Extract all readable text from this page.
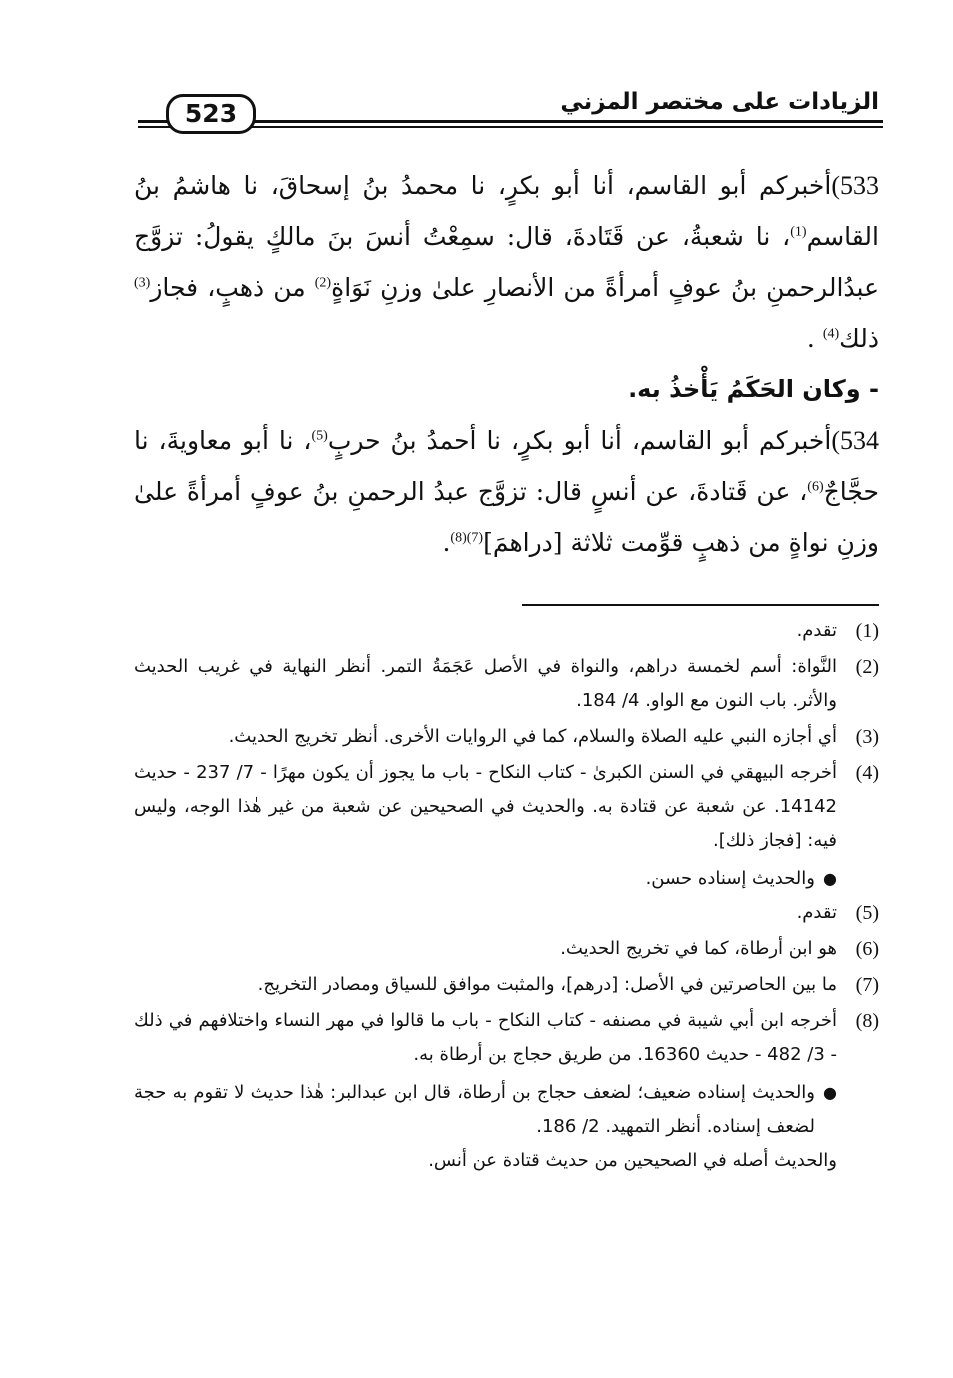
الزيادات على مختصر المزني
523

533)أخبركم أبو القاسم، أنا أبو بكرٍ، نا محمدُ بنُ إسحاقَ، نا هاشمُ بنُ القاسم$^{(1)}$، نا شعبةُ، عن قَتَادةَ، قال: سمِعْتُ أنسَ بنَ مالكٍ يقولُ: تزوَّج عبدُالرحمنِ بنُ عوفٍ أمرأةً من الأنصارِ علىٰ وزنِ نَوَاةٍ$^{(2)}$ من ذهبٍ، فجاز$^{(3)}$ ذلك$^{(4)}$ .

- وكان الحَكَمُ يَأْخذُ به.

534)أخبركم أبو القاسم، أنا أبو بكرٍ، نا أحمدُ بنُ حربٍ$^{(5)}$، نا أبو معاويةَ، نا حجَّاجٌ$^{(6)}$، عن قَتادةَ، عن أنسٍ قال: تزوَّج عبدُ الرحمنِ بنُ عوفٍ أمرأةً علىٰ وزنِ نواةٍ من ذهبٍ قوِّمت ثلاثة [دراهمَ]$^{(7)(8)}$.

(1)
تقدم.
(2)
النَّواة: أسم لخمسة دراهم، والنواة في الأصل عَجَمَةُ التمر. أنظر النهاية في غريب الحديث والأثر. باب النون مع الواو. 4/ 184.
(3)
أي أجازه النبي عليه الصلاة والسلام، كما في الروايات الأخرى. أنظر تخريج الحديث.
(4)
أخرجه البيهقي في السنن الكبرىٰ - كتاب النكاح - باب ما يجوز أن يكون مهرًا - 7/ 237 - حديث 14142. عن شعبة عن قتادة به. والحديث في الصحيحين عن شعبة من غير هٰذا الوجه، وليس فيه: [فجاز ذلك].
●
والحديث إسناده حسن.
(5)
تقدم.
(6)
هو ابن أرطاة، كما في تخريج الحديث.
(7)
ما بين الحاصرتين في الأصل: [درهم]، والمثبت موافق للسياق ومصادر التخريج.
(8)
أخرجه ابن أبي شيبة في مصنفه - كتاب النكاح - باب ما قالوا في مهر النساء واختلافهم في ذلك - 3/ 482 - حديث 16360. من طريق حجاج بن أرطاة به.
●
والحديث إسناده ضعيف؛ لضعف حجاج بن أرطاة، قال ابن عبدالبر: هٰذا حديث لا تقوم به حجة لضعف إسناده. أنظر التمهيد. 2/ 186.
والحديث أصله في الصحيحين من حديث قتادة عن أنس.
